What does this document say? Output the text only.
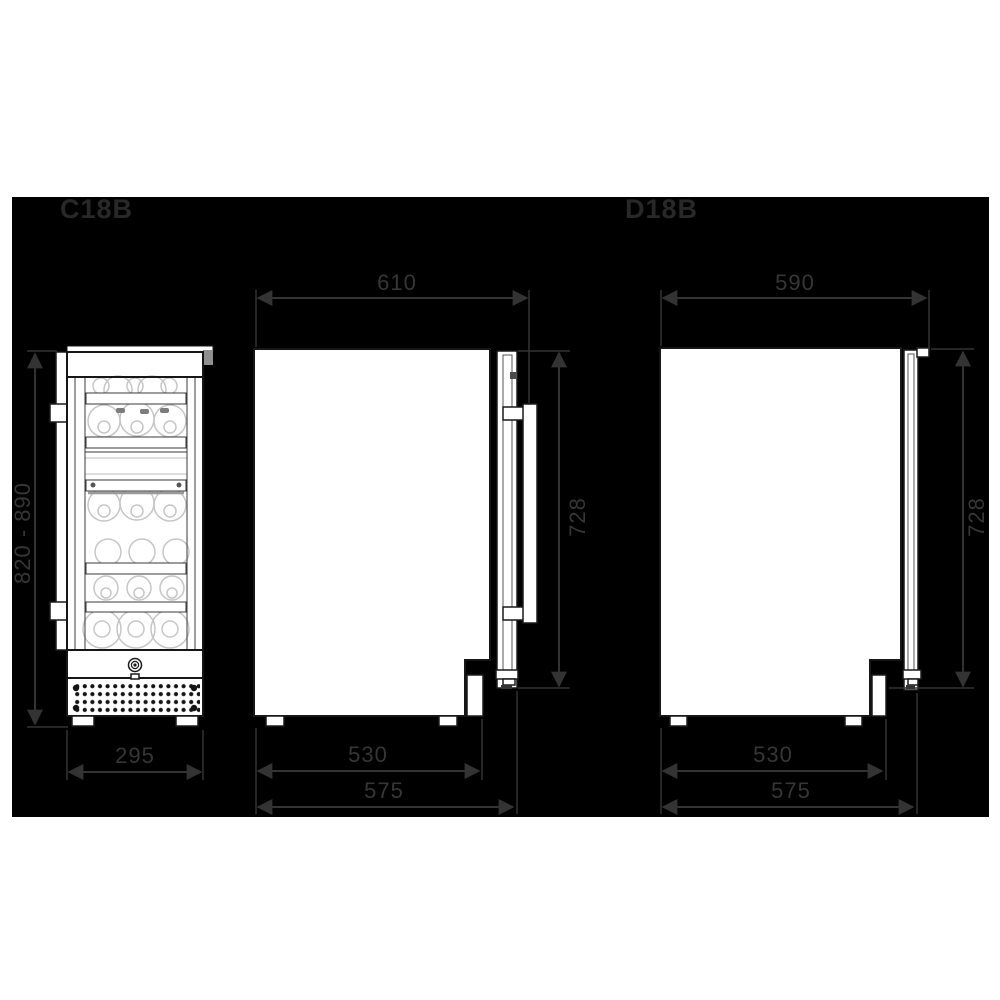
C18B	D18B
820 - 890
295
610
728
530
575
590
728
530
575
